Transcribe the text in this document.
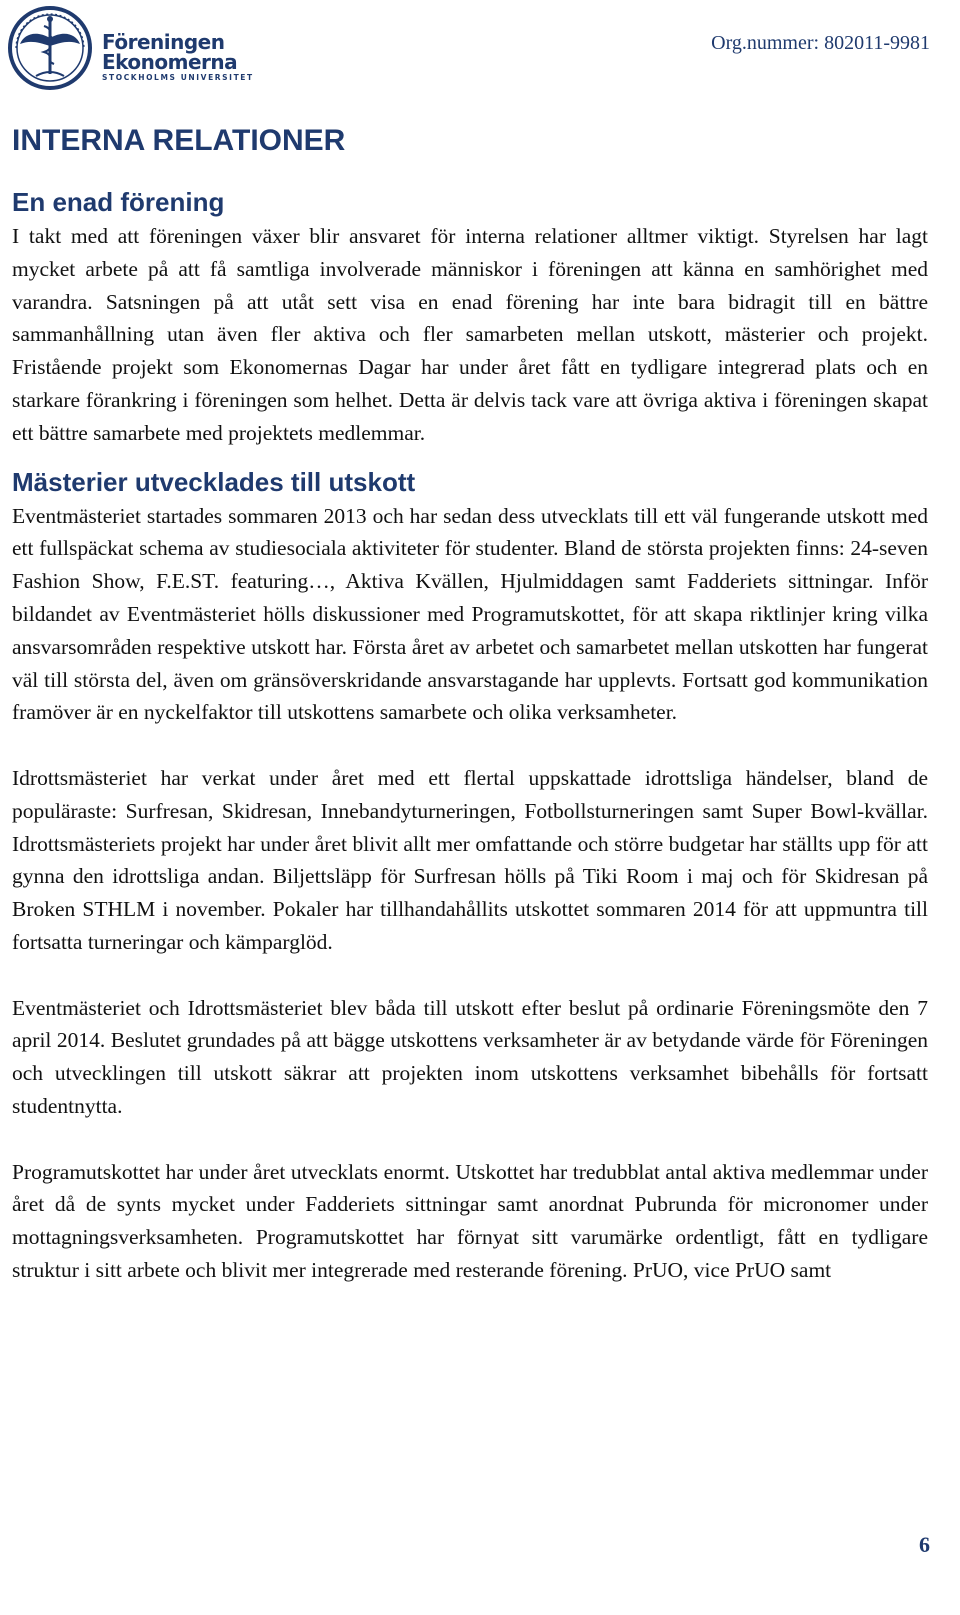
Föreningen
Ekonomerna
STOCKHOLMS UNIVERSITET
Org.nummer: 802011-9981
INTERNA RELATIONER
En enad förening

I takt med att föreningen växer blir ansvaret för interna relationer alltmer viktigt. Styrelsen har lagt mycket arbete på att få samtliga involverade människor i föreningen att känna en samhörighet med varandra. Satsningen på att utåt sett visa en enad förening har inte bara bidragit till en bättre sammanhållning utan även fler aktiva och fler samarbeten mellan utskott, mästerier och projekt. Fristående projekt som Ekonomernas Dagar har under året fått en tydligare integrerad plats och en starkare förankring i föreningen som helhet. Detta är delvis tack vare att övriga aktiva i föreningen skapat ett bättre samarbete med projektets medlemmar.

Mästerier utvecklades till utskott

Eventmästeriet startades sommaren 2013 och har sedan dess utvecklats till ett väl fungerande utskott med ett fullspäckat schema av studiesociala aktiviteter för studenter. Bland de största projekten finns: 24-seven Fashion Show, F.E.ST. featuring…, Aktiva Kvällen, Hjulmiddagen samt Fadderiets sittningar. Inför bildandet av Eventmästeriet hölls diskussioner med Programutskottet, för att skapa riktlinjer kring vilka ansvarsområden respektive utskott har. Första året av arbetet och samarbetet mellan utskotten har fungerat väl till största del, även om gränsöverskridande ansvarstagande har upplevts. Fortsatt god kommunikation framöver är en nyckelfaktor till utskottens samarbete och olika verksamheter.

Idrottsmästeriet har verkat under året med ett flertal uppskattade idrottsliga händelser, bland de populäraste: Surfresan, Skidresan, Innebandyturneringen, Fotbollsturneringen samt Super Bowl-kvällar. Idrottsmästeriets projekt har under året blivit allt mer omfattande och större budgetar har ställts upp för att gynna den idrottsliga andan. Biljettsläpp för Surfresan hölls på Tiki Room i maj och för Skidresan på Broken STHLM i november. Pokaler har tillhandahållits utskottet sommaren 2014 för att uppmuntra till fortsatta turneringar och kämparglöd.

Eventmästeriet och Idrottsmästeriet blev båda till utskott efter beslut på ordinarie Föreningsmöte den 7 april 2014. Beslutet grundades på att bägge utskottens verksamheter är av betydande värde för Föreningen och utvecklingen till utskott säkrar att projekten inom utskottens verksamhet bibehålls för fortsatt studentnytta.

Programutskottet har under året utvecklats enormt. Utskottet har tredubblat antal aktiva medlemmar under året då de synts mycket under Fadderiets sittningar samt anordnat Pubrunda för micronomer under mottagningsverksamheten. Programutskottet har förnyat sitt varumärke ordentligt, fått en tydligare struktur i sitt arbete och blivit mer integrerade med resterande förening. PrUO, vice PrUO samt

6
